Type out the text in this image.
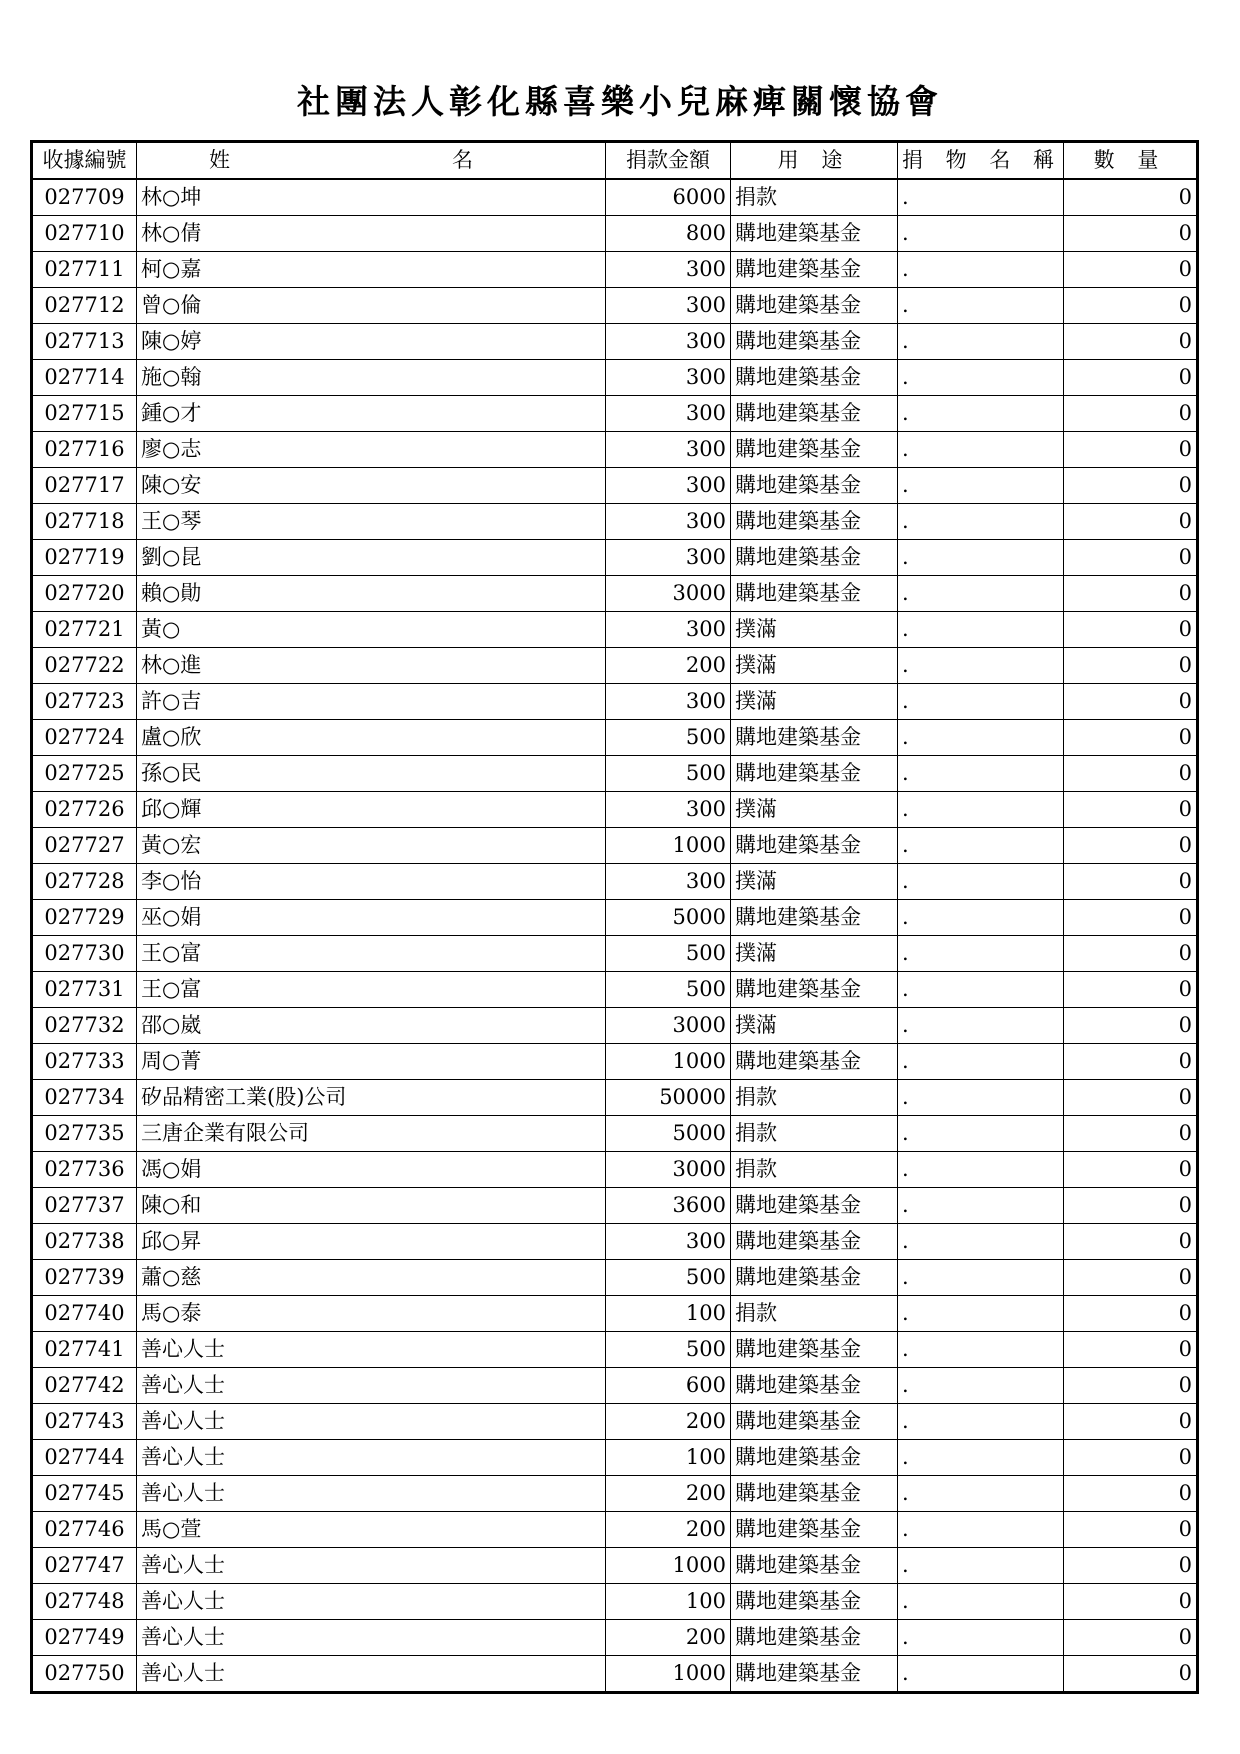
社團法人彰化縣喜樂小兒麻痺關懷協會
收據編號	姓　　名	捐款金額	用 途	捐 物 名 稱	數 量
027709	林○坤	6000	捐款	.	0
027710	林○倩	800	購地建築基金	.	0
027711	柯○嘉	300	購地建築基金	.	0
027712	曾○倫	300	購地建築基金	.	0
027713	陳○婷	300	購地建築基金	.	0
027714	施○翰	300	購地建築基金	.	0
027715	鍾○才	300	購地建築基金	.	0
027716	廖○志	300	購地建築基金	.	0
027717	陳○安	300	購地建築基金	.	0
027718	王○琴	300	購地建築基金	.	0
027719	劉○昆	300	購地建築基金	.	0
027720	賴○勛	3000	購地建築基金	.	0
027721	黃○	300	撲滿	.	0
027722	林○進	200	撲滿	.	0
027723	許○吉	300	撲滿	.	0
027724	盧○欣	500	購地建築基金	.	0
027725	孫○民	500	購地建築基金	.	0
027726	邱○輝	300	撲滿	.	0
027727	黃○宏	1000	購地建築基金	.	0
027728	李○怡	300	撲滿	.	0
027729	巫○娟	5000	購地建築基金	.	0
027730	王○富	500	撲滿	.	0
027731	王○富	500	購地建築基金	.	0
027732	邵○崴	3000	撲滿	.	0
027733	周○菁	1000	購地建築基金	.	0
027734	矽品精密工業(股)公司	50000	捐款	.	0
027735	三唐企業有限公司	5000	捐款	.	0
027736	馮○娟	3000	捐款	.	0
027737	陳○和	3600	購地建築基金	.	0
027738	邱○昇	300	購地建築基金	.	0
027739	蕭○慈	500	購地建築基金	.	0
027740	馬○泰	100	捐款	.	0
027741	善心人士	500	購地建築基金	.	0
027742	善心人士	600	購地建築基金	.	0
027743	善心人士	200	購地建築基金	.	0
027744	善心人士	100	購地建築基金	.	0
027745	善心人士	200	購地建築基金	.	0
027746	馬○萱	200	購地建築基金	.	0
027747	善心人士	1000	購地建築基金	.	0
027748	善心人士	100	購地建築基金	.	0
027749	善心人士	200	購地建築基金	.	0
027750	善心人士	1000	購地建築基金	.	0
